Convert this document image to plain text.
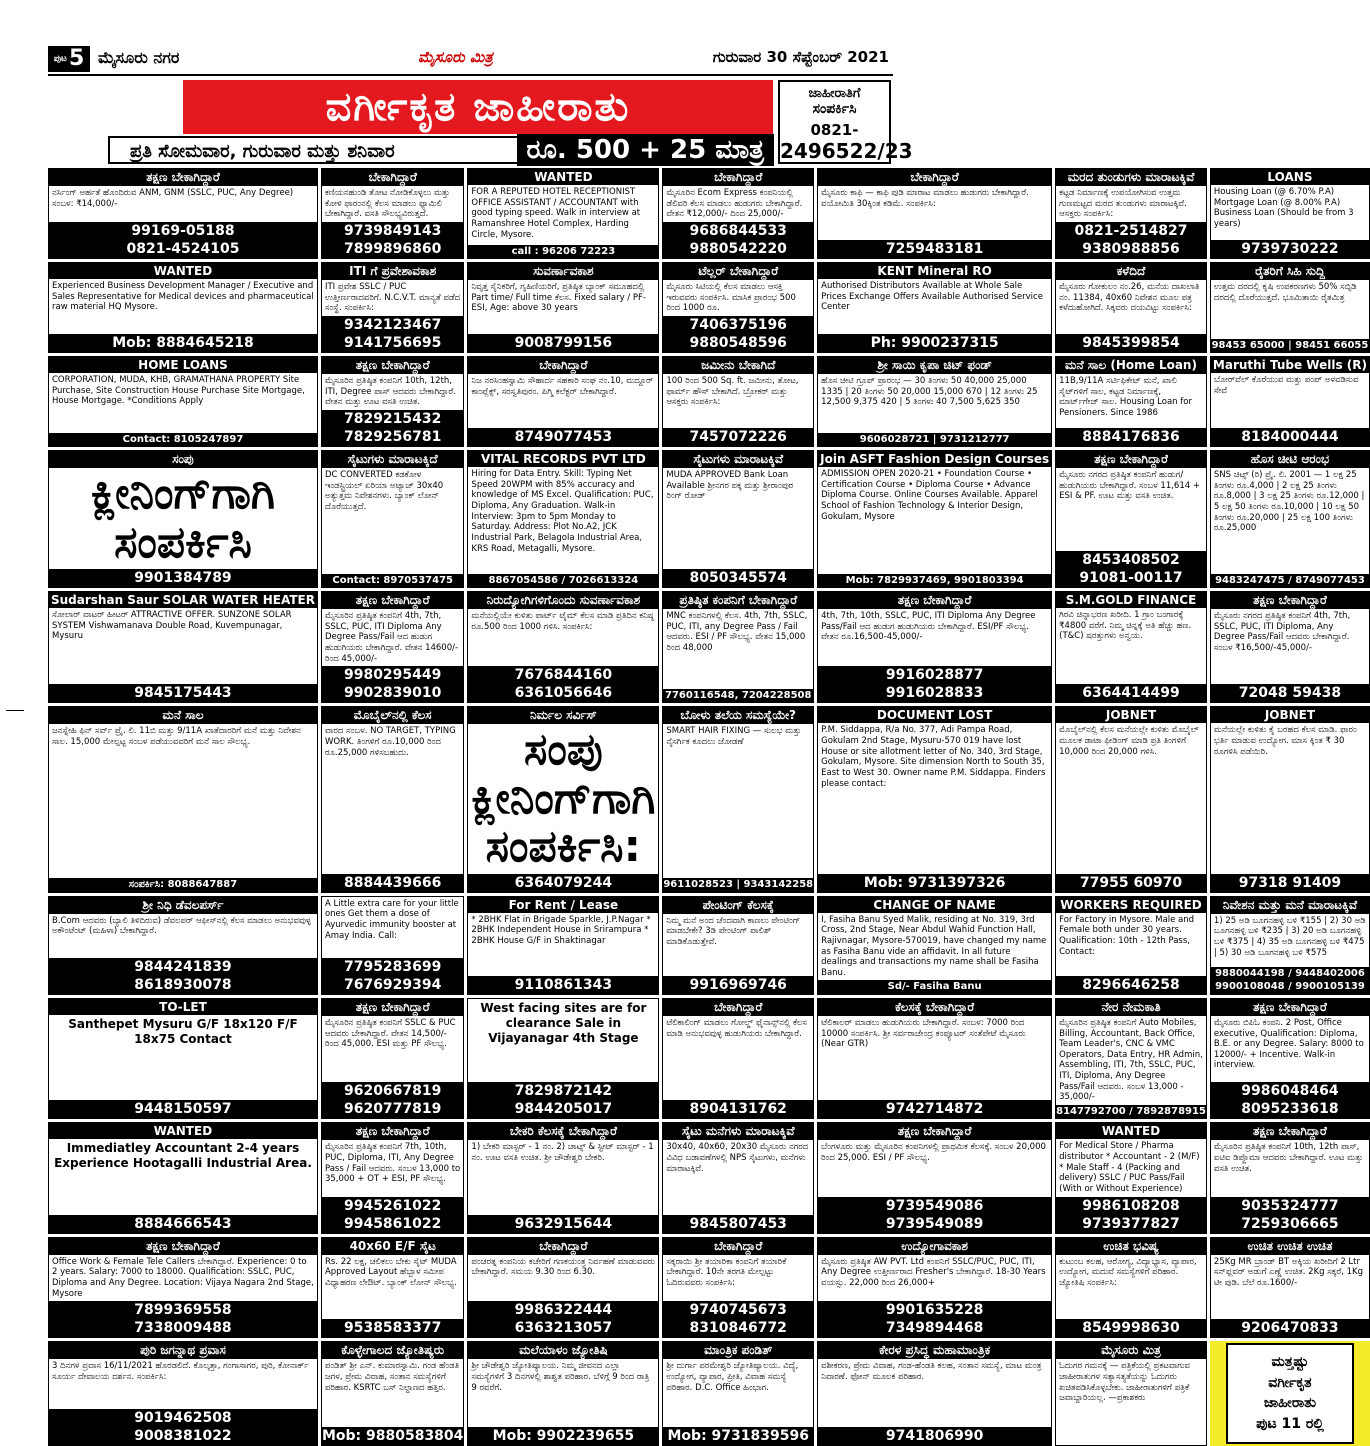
ಪುಟ5 ಮೈಸೂರು ನಗರ	ಮೈಸೂರು ಮಿತ್ರ	ಗುರುವಾರ 30 ಸೆಪ್ಟೆಂಬರ್ 2021
ವರ್ಗೀಕೃತ ಜಾಹೀರಾತು
ಪ್ರತಿ ಸೋಮವಾರ, ಗುರುವಾರ ಮತ್ತು ಶನಿವಾರ	ರೂ. 500 + 25 ಮಾತ್ರ
ಜಾಹೀರಾತಿಗೆ
ಸಂಪರ್ಕಿಸಿ
0821-
2496522/23
ತಕ್ಷಣ ಬೇಕಾಗಿದ್ದಾರೆ
ನರ್ಸಿಂಗ್ ಅರ್ಹತೆ ಹೊಂದಿರುವ ANM, GNM (SSLC, PUC, Any Degree) ಸಂಬಳ: ₹14,000/-
99169-05188
0821-4524105
ಬೇಕಾಗಿದ್ದಾರೆ
ಕಣಿಯನಹುಂಡಿ ತೋಟ ನೋಡಿಕೊಳ್ಳಲು ಮತ್ತು ಕೋಳಿ ಫಾರಂನಲ್ಲಿ ಕೆಲಸ ಮಾಡಲು ಫ್ಯಾಮಿಲಿ ಬೇಕಾಗಿದ್ದಾರೆ. ವಸತಿ ಸೌಲಭ್ಯವಿರುತ್ತದೆ.
9739849143
7899896860
WANTED
FOR A REPUTED HOTEL RECEPTIONIST OFFICE ASSISTANT / ACCOUNTANT with good typing speed. Walk in interview at Ramanshree Hotel Complex, Harding Circle, Mysore.
call : 96206 72223
ಬೇಕಾಗಿದ್ದಾರೆ
ಮೈಸೂರಿನ Ecom Express ಕಂಪನಿಯಲ್ಲಿ ಡೆಲಿವರಿ ಕೆಲಸ ಮಾಡಲು ಹುಡುಗರು ಬೇಕಾಗಿದ್ದಾರೆ. ವೇತನ ₹12,000/- ದಿಂದ 25,000/-
9686844533
9880542220
ಬೇಕಾಗಿದ್ದಾರೆ
ಮೈಸೂರು ಕಾಫಿ — ಕಾಫಿ ಪುಡಿ ಮಾರಾಟ ಮಾಡಲು ಹುಡುಗರು ಬೇಕಾಗಿದ್ದಾರೆ. ವಯೋಮಿತಿ 30ಕ್ಕಿಂತ ಕಡಿಮೆ. ಸಂಪರ್ಕಿಸಿ:
7259483181
ಮರದ ತುಂಡುಗಳು ಮಾರಾಟಕ್ಕಿವೆ
ಕಟ್ಟಡ ನಿರ್ಮಾಣಕ್ಕೆ ಉಪಯೋಗಿಸುವ ಉತ್ತಮ ಗುಣಮಟ್ಟದ ಮರದ ತುಂಡುಗಳು ಮಾರಾಟಕ್ಕಿವೆ. ಆಸಕ್ತರು ಸಂಪರ್ಕಿಸಿ:
0821-2514827
9380988856
LOANS
Housing Loan (@ 6.70% P.A) Mortgage Loan (@ 8.00% P.A) Business Loan (Should be from 3 years)
9739730222
WANTED
Experienced Business Development Manager / Executive and Sales Representative for Medical devices and pharmaceutical raw material HQ Mysore.
Mob: 8884645218
ITI ಗೆ ಪ್ರವೇಶಾವಕಾಶ
ITI ಪ್ರವೇಶ SSLC / PUC ಉತ್ತೀರ್ಣರಾದವರಿಗೆ. N.C.V.T. ಮಾನ್ಯತೆ ಪಡೆದ ಸಂಸ್ಥೆ. ಸಂಪರ್ಕಿಸಿ:
9342123467
9141756695
ಸುವರ್ಣಾವಕಾಶ
ನಿವೃತ್ತ ಸೈನಿಕರಿಗೆ, ಗೃಹಿಣಿಯರಿಗೆ, ಪ್ರತಿಷ್ಠಿತ ಬ್ಯಾಂಕ್ ಸಮೂಹದಲ್ಲಿ Part time/ Full time ಕೆಲಸ. Fixed salary / PF-ESI, Age: above 30 years
9008799156
ಟೆಲ್ಲರ್ ಬೇಕಾಗಿದ್ದಾರೆ
ಮೈಸೂರು ಸಿಟಿಯಲ್ಲಿ ಕೆಲಸ ಮಾಡಲು ಆಸಕ್ತಿ ಇರುವವರು ಸಂಪರ್ಕಿಸಿ. ಮಾಸಿಕ ಪ್ರಾರಂಭ 500 ರಿಂದ 1000 ರೂ.
7406375196
9880548596
KENT Mineral RO
Authorised Distributors Available at Whole Sale Prices Exchange Offers Available Authorised Service Center
Ph: 9900237315
ಕಳೆದಿದೆ
ಮೈಸೂರು ಗೋಕುಲಂ ನಂ.26, ಮನೆಯ ದಾಖಲಾತಿ ನಂ. 11384, 40x60 ನಿವೇಶನ ಮೂಲ ಪತ್ರ ಕಳೆದುಹೋಗಿದೆ. ಸಿಕ್ಕವರು ದಯವಿಟ್ಟು ಸಂಪರ್ಕಿಸಿ:
9845399854
ರೈತರಿಗೆ ಸಿಹಿ ಸುದ್ದಿ
ಉತ್ತಮ ದರದಲ್ಲಿ ಕೃಷಿ ಉಪಕರಣಗಳು 50% ಸಬ್ಸಿಡಿ ದರದಲ್ಲಿ ದೊರೆಯುತ್ತದೆ. ಭೂಮಿತಾಯಿ ರೈತಮಿತ್ರ
98453 65000 | 98451 66055
HOME LOANS
CORPORATION, MUDA, KHB, GRAMATHANA PROPERTY Site Purchase, Site Construction House Purchase Site Mortgage, House Mortgage. *Conditions Apply
Contact: 8105247897
ತಕ್ಷಣ ಬೇಕಾಗಿದ್ದಾರೆ
ಮೈಸೂರಿನ ಪ್ರತಿಷ್ಠಿತ ಕಂಪನಿಗೆ 10th, 12th, ITI, Degree ಪಾಸ್ ಆದವರು ಬೇಕಾಗಿದ್ದಾರೆ. ವೇತನ ಮತ್ತು ಊಟ ವಸತಿ ಉಚಿತ.
7829215432
7829256781
ಬೇಕಾಗಿದ್ದಾರೆ
ನಿಜ ನರಸಿಂಹಸ್ವಾಮಿ ಸೌಹಾರ್ದ ಸಹಕಾರಿ ಸಂಘ ನಂ.10, ಮದ್ದೂರ್ ಕಾಂಪ್ಲೆಕ್ಸ್, ಸರಸ್ವತಿಪುರಂ. ಪಿಗ್ಮಿ ಕಲೆಕ್ಟರ್ ಬೇಕಾಗಿದ್ದಾರೆ.
8749077453
ಜಮೀನು ಬೇಕಾಗಿದೆ
100 ರಿಂದ 500 Sq. ft. ಜಮೀನು, ತೋಟ, ಫಾರ್ಮ್ ಹೌಸ್ ಬೇಕಾಗಿದೆ. ಬ್ರೋಕರ್ ಮತ್ತು ಆಸಕ್ತರು ಸಂಪರ್ಕಿಸಿ:
7457072226
ಶ್ರೀ ಸಾಯಿ ಕೃಪಾ ಚಿಟ್ ಫಂಡ್
ಹೊಸ ಚೀಟಿ ಗ್ರೂಪ್ ಪ್ರಾರಂಭ — 30 ತಿಂಗಳು 50 40,000 25,000 1335 | 20 ತಿಂಗಳು 50 20,000 15,000 670 | 12 ತಿಂಗಳು 25 12,500 9,375 420 | 5 ತಿಂಗಳು 40 7,500 5,625 350
9606028721 | 9731212777
ಮನೆ ಸಾಲ (Home Loan)
11B,9/11A ಸರ್ಟಿಫಿಕೇಟ್ ಮನೆ, ಖಾಲಿ ಸೈಟ್‌ಗಳಿಗೆ ಸಾಲ, ಕಟ್ಟಡ ನಿರ್ಮಾಣಕ್ಕೆ, ಮಾರ್ಟ್‌ಗೇಜ್ ಸಾಲ. Housing Loan for Pensioners. Since 1986
8884176836
Maruthi Tube Wells (R)
ಬೋರ್‌ವೆಲ್ ಕೊರೆಯುವ ಮತ್ತು ಪಂಪ್ ಅಳವಡಿಸುವ ಸೇವೆ
8184000444
ಸಂಪು
ಕ್ಲೀನಿಂಗ್‌ಗಾಗಿ ಸಂಪರ್ಕಿಸಿ
9901384789
ಸೈಟುಗಳು ಮಾರಾಟಕ್ಕಿದೆ
DC CONVERTED ಕಡಕೋಳ ಇಂಡಸ್ಟ್ರಿಯಲ್ ಏರಿಯಾ ಅಟ್ಯಾಚ್ 30x40 ಅತ್ಯುತ್ತಮ ನಿವೇಶನಗಳು. ಬ್ಯಾಂಕ್ ಲೋನ್ ದೊರೆಯುತ್ತದೆ.
Contact: 8970537475
VITAL RECORDS PVT LTD
Hiring for Data Entry. Skill: Typing Net Speed 20WPM with 85% accuracy and knowledge of MS Excel. Qualification: PUC, Diploma, Any Graduation. Walk-in Interview: 3pm to 5pm Monday to Saturday. Address: Plot No.A2, JCK Industrial Park, Belagola Industrial Area, KRS Road, Metagalli, Mysore.
8867054586 / 7026613324
ಸೈಟುಗಳು ಮಾರಾಟಕ್ಕಿವೆ
MUDA APPROVED Bank Loan Available ಶ್ರೀನಗರ ಪಕ್ಕ ಮತ್ತು ಶ್ರೀರಾಂಪುರ ರಿಂಗ್ ರೋಡ್
8050345574
Join ASFT Fashion Design Courses
ADMISSION OPEN 2020-21 • Foundation Course • Certification Course • Diploma Course • Advance Diploma Course. Online Courses Available. Apparel School of Fashion Technology & Interior Design, Gokulam, Mysore
Mob: 7829937469, 9901803394
ತಕ್ಷಣ ಬೇಕಾಗಿದ್ದಾರೆ
ಮೈಸೂರು ನಗರದ ಪ್ರತಿಷ್ಠಿತ ಕಂಪನಿಗೆ ಹುಡುಗ/ಹುಡುಗಿಯರು ಬೇಕಾಗಿದ್ದಾರೆ. ಸಂಬಳ 11,614 + ESI & PF. ಊಟ ಮತ್ತು ವಸತಿ ಉಚಿತ.
8453408502
91081-00117
ಹೊಸ ಚೀಟಿ ಆರಂಭ
SNS ಚಿಟ್ಸ್ (ರಿ) ಪ್ರೈ. ಲಿ. 2001 — 1 ಲಕ್ಷ 25 ತಿಂಗಳು ರೂ.4,000 | 2 ಲಕ್ಷ 25 ತಿಂಗಳು ರೂ.8,000 | 3 ಲಕ್ಷ 25 ತಿಂಗಳು ರೂ.12,000 | 5 ಲಕ್ಷ 50 ತಿಂಗಳು ರೂ.10,000 | 10 ಲಕ್ಷ 50 ತಿಂಗಳು ರೂ.20,000 | 25 ಲಕ್ಷ 100 ತಿಂಗಳು ರೂ.25,000
9483247475 / 8749077453
Sudarshan Saur SOLAR WATER HEATER
ಸೋಲಾರ್ ವಾಟರ್ ಹೀಟರ್ ATTRACTIVE OFFER. SUNZONE SOLAR SYSTEM Vishwamanava Double Road, Kuvempunagar, Mysuru
9845175443
ತಕ್ಷಣ ಬೇಕಾಗಿದ್ದಾರೆ
ಮೈಸೂರಿನ ಪ್ರತಿಷ್ಠಿತ ಕಂಪನಿಗೆ 4th, 7th, SSLC, PUC, ITI Diploma Any Degree Pass/Fail ಆದ ಹುಡುಗ ಹುಡುಗಿಯರು ಬೇಕಾಗಿದ್ದಾರೆ. ವೇತನ 14600/- ರಿಂದ 45,000/-
9980295449
9902839010
ನಿರುದ್ಯೋಗಿಗಳಿಗೊಂದು ಸುವರ್ಣಾವಕಾಶ
ಮನೆಯಲ್ಲಿಯೇ ಕುಳಿತು ಪಾರ್ಟ್ ಟೈಮ್ ಕೆಲಸ ಮಾಡಿ ಪ್ರತಿದಿನ ಕನಿಷ್ಠ ರೂ.500 ರಿಂದ 1000 ಗಳಿಸಿ. ಸಂಪರ್ಕಿಸಿ:
7676844160
6361056646
ಪ್ರತಿಷ್ಠಿತ ಕಂಪನಿಗೆ ಬೇಕಾಗಿದ್ದಾರೆ
MNC ಕಂಪನಿಗಳಲ್ಲಿ ಕೆಲಸ. 4th, 7th, SSLC, PUC, ITI, any Degree Pass / Fail ಆದವರು. ESI / PF ಸೌಲಭ್ಯ. ವೇತನ 15,000 ರಿಂದ 48,000
7760116548, 7204228508
ತಕ್ಷಣ ಬೇಕಾಗಿದ್ದಾರೆ
4th, 7th, 10th, SSLC, PUC, ITI Diploma Any Degree Pass/Fail ಆದ ಹುಡುಗ ಹುಡುಗಿಯರು ಬೇಕಾಗಿದ್ದಾರೆ. ESI/PF ಸೌಲಭ್ಯ. ವೇತನ ರೂ.16,500-45,000/-
9916028877
9916028833
S.M.GOLD FINANCE
ಗಿರವಿ ಚಿನ್ನಾಭರಣ ಖರೀದಿ. 1 ಗ್ರಾಂ ಬಂಗಾರಕ್ಕೆ ₹4800 ವರೆಗೆ. ನಿಮ್ಮ ಚಿನ್ನಕ್ಕೆ ಅತಿ ಹೆಚ್ಚು ಹಣ. (T&C) ಷರತ್ತುಗಳು ಅನ್ವಯ.
6364414499
ತಕ್ಷಣ ಬೇಕಾಗಿದ್ದಾರೆ
ಮೈಸೂರು ನಗರದ ಪ್ರತಿಷ್ಠಿತ ಕಂಪನಿಗೆ 4th, 7th, SSLC, PUC, ITI Diploma, Any Degree Pass/Fail ಆದವರು ಬೇಕಾಗಿದ್ದಾರೆ. ಸಂಬಳ ₹16,500/-45,000/-
72048 59438
ಮನೆ ಸಾಲ
ಜನಸ್ನೇಹಿ ಫಿನ್ ಸರ್ವ್ ಪ್ರೈ. ಲಿ. 11ಬಿ ಮತ್ತು 9/11A ಖಾತೆದಾರರಿಗೆ ಮನೆ ಮತ್ತು ನಿವೇಶನ ಸಾಲ. 15,000 ಮೇಲ್ಪಟ್ಟ ಸಂಬಳ ಪಡೆಯುವವರಿಗೆ ಮನೆ ಸಾಲ ಸೌಲಭ್ಯ.
ಸಂಪರ್ಕಿಸಿ: 8088647887
ಮೊಬೈಲ್‌ನಲ್ಲಿ ಕೆಲಸ
ವಾರದ ಸಂಬಳ. NO TARGET, TYPING WORK. ತಿಂಗಳಿಗೆ ರೂ.10,000 ರಿಂದ ರೂ.25,000 ಗಳಿಸಬಹುದು.
8884439666
ನಿರ್ಮಲ ಸರ್ವಿಸ್
ಸಂಪು ಕ್ಲೀನಿಂಗ್‌ಗಾಗಿ ಸಂಪರ್ಕಿಸಿ:
6364079244
ಬೋಳು ತಲೆಯ ಸಮಸ್ಯೆಯೇ?
SMART HAIR FIXING — ಸುಲಭ ಮತ್ತು ನೈಸರ್ಗಿಕ ಕೂದಲು ಜೋಡಣೆ
9611028523 | 9343142258
DOCUMENT LOST
P.M. Siddappa, R/a No. 377, Adi Pampa Road, Gokulam 2nd Stage, Mysuru-570 019 have lost House or site allotment letter of No. 340, 3rd Stage, Gokulam, Mysore. Site dimension North to South 35, East to West 30. Owner name P.M. Siddappa. Finders please contact:
Mob: 9731397326
JOBNET
ಮೊಬೈಲ್‌ನಲ್ಲಿ ಕೆಲಸ ಮನೆಯಲ್ಲೇ ಕುಳಿತು ಮೊಬೈಲ್ ಮೂಲಕ ಡಾಟಾ ಫೀಡಿಂಗ್ ಮಾಡಿ ಪ್ರತಿ ತಿಂಗಳಿಗೆ 10,000 ರಿಂದ 20,000 ಗಳಿಸಿ.
77955 60970
JOBNET
ಮನೆಯಲ್ಲೇ ಕುಳಿತು ಕೈ ಬರಹದ ಕೆಲಸ ಮಾಡಿ. ಫಾರಂ ಭರ್ತಿ ಮಾಡುವ ಉದ್ಯೋಗ. ಮಾಸ ಕ್ಕಿಂತ ₹ 30 ರೂಗಳಿಸಿ ಪಡೆಯಿರಿ.
97318 91409
ಶ್ರೀ ನಿಧಿ ಡೆವಲಪರ್ಸ್
B.Com ಆದವರು (ಬ್ಯಾಲಿ ತಿಳಿದಿರುವ) ಡೆವಲಪರ್ ಆಫೀಸ್‌ನಲ್ಲಿ ಕೆಲಸ ಮಾಡಲು ಅನುಭವವುಳ್ಳ ಅಕೌಂಟೆಂಟ್ (ಮಹಿಳಾ) ಬೇಕಾಗಿದ್ದಾರೆ.
9844241839
8618930078
A Little extra care for your little ones Get them a dose of Ayurvedic immunity booster at Amay India. Call:
7795283699
7676929394
For Rent / Lease
* 2BHK Flat in Brigade Sparkle, J.P.Nagar * 2BHK Independent House in Srirampura * 2BHK House G/F in Shaktinagar
9110861343
ಪೇಂಟಿಂಗ್ ಕೆಲಸಕ್ಕೆ
ನಿಮ್ಮ ಮನೆ ಅಂದ ಚೆಂದವಾಗಿ ಕಾಣಲು ಪೇಂಟಿಂಗ್ ಮಾಡಬೇಕೇ? 3ಡಿ ಪೇಂಟಿಂಗ್ ಪಾಲಿಶ್ ಮಾಡಿಕೊಡುತ್ತೇವೆ.
9916969746
CHANGE OF NAME
I, Fasiha Banu Syed Malik, residing at No. 319, 3rd Cross, 2nd Stage, Near Abdul Wahid Function Hall, Rajivnagar, Mysore-570019, have changed my name as Fasiha Banu vide an affidavit. In all future dealings and transactions my name shall be Fasiha Banu.
Sd/- Fasiha Banu
WORKERS REQUIRED
For Factory in Mysore. Male and Female both under 30 years. Qualification: 10th - 12th Pass, Contact:
8296646258
ನಿವೇಶನ ಮತ್ತು ಮನೆ ಮಾರಾಟಕ್ಕಿವೆ
1) 25 ಅಡಿ ಬೂಗನಹಳ್ಳಿ ಬಳಿ ₹155 | 2) 30 ಅಡಿ ಬೂಗನಹಳ್ಳಿ ಬಳಿ ₹235 | 3) 20 ಅಡಿ ಬೂಗನಹಳ್ಳಿ ಬಳಿ ₹375 | 4) 35 ಅಡಿ ಬೂಗನಹಳ್ಳಿ ಬಳಿ ₹475 | 5) 30 ಅಡಿ ಬೂಗನಹಳ್ಳಿ ಬಳಿ ₹575
9880044198 / 9448402006
9900108048 / 9900105139
TO-LET
Santhepet Mysuru G/F 18x120 F/F 18x75 Contact
9448150597
ತಕ್ಷಣ ಬೇಕಾಗಿದ್ದಾರೆ
ಮೈಸೂರಿನ ಪ್ರತಿಷ್ಠಿತ ಕಂಪನಿಗೆ SSLC & PUC ಆದವರು ಬೇಕಾಗಿದ್ದಾರೆ. ವೇತನ 14,500/- ರಿಂದ 45,000. ESI ಮತ್ತು PF ಸೌಲಭ್ಯ.
9620667819
9620777819
West facing sites are for clearance Sale in Vijayanagar 4th Stage
7829872142
9844205017
ಬೇಕಾಗಿದ್ದಾರೆ
ಟೆಲಿಕಾಲಿಂಗ್ ಮಾಡಲು ಗೋಲ್ಡ್ ಫೈನಾನ್ಸ್‌ನಲ್ಲಿ ಕೆಲಸ ಮಾಡಿ ಅನುಭವವುಳ್ಳ ಹುಡುಗಿಯರು ಬೇಕಾಗಿದ್ದಾರೆ.
8904131762
ಕೆಲಸಕ್ಕೆ ಬೇಕಾಗಿದ್ದಾರೆ
ಟೆಲಿಕಾಲರ್ ಮಾಡಲು ಹುಡುಗಿಯರು ಬೇಕಾಗಿದ್ದಾರೆ. ಸಂಬಳ: 7000 ರಿಂದ 10000 ಸಂಪರ್ಕಿಸಿ. ಶ್ರೀ ಸರ್ವರಾಜೇಂದ್ರ ಕಂಪ್ಯೂಟರ್ ಸಂತೆಪೇಟೆ ಮೈಸೂರು (Near GTR)
9742714872
ನೇರ ನೇಮಕಾತಿ
ಮೈಸೂರಿನ ಪ್ರತಿಷ್ಠಿತ ಕಂಪನಿಗೆ Auto Mobiles, Billing, Accountant, Back Office, Team Leader's, CNC & VMC Operators, Data Entry, HR Admin, Assembling, ITI, 7th, SSLC, PUC, ITI, Diploma, Any Degree Pass/Fail ಆದವರು. ಸಂಬಳ 13,000 - 35,000/-
8147792700 / 7892878915
ತಕ್ಷಣ ಬೇಕಾಗಿದ್ದಾರೆ
ಮೈಸೂರು ಬಿಪಿಓ ಕಂಪನಿ. 2 Post, Office executive, Qualification: Diploma, B.E. or any Degree. Salary: 8000 to 12000/- + Incentive. Walk-in interview.
9986048464
8095233618
WANTED
Immediatley Accountant 2-4 years Experience Hootagalli Industrial Area.
8884666543
ತಕ್ಷಣ ಬೇಕಾಗಿದ್ದಾರೆ
ಮೈಸೂರಿನ ಪ್ರತಿಷ್ಠಿತ ಕಂಪನಿಗೆ 7th, 10th, PUC, Diploma, ITI, Any Degree Pass / Fail ಆದವರು. ಸಂಬಳ 13,000 to 35,000 + OT + ESI, PF ಸೌಲಭ್ಯ.
9945261022
9945861022
ಬೇಕರಿ ಕೆಲಸಕ್ಕೆ ಬೇಕಾಗಿದ್ದಾರೆ
1) ಬೇಕರಿ ಮಾಸ್ಟರ್ - 1 ನಂ. 2) ಚಾಟ್ಸ್ & ಸ್ಟೀಟ್ ಮಾಸ್ಟರ್ - 1 ನಂ. ಊಟ ವಸತಿ ಉಚಿತ. ಶ್ರೀ ಚೌಡೇಶ್ವರಿ ಬೇಕರಿ.
9632915644
ಸೈಟು ಮನೆಗಳು ಮಾರಾಟಕ್ಕಿವೆ
30x40, 40x60, 20x30 ಮೈಸೂರು ನಗರದ ವಿವಿಧ ಬಡಾವಣೆಗಳಲ್ಲಿ NPS ಸೈಟುಗಳು, ಮನೆಗಳು ಮಾರಾಟಕ್ಕಿವೆ.
9845807453
ತಕ್ಷಣ ಬೇಕಾಗಿದ್ದಾರೆ
ಬೆಂಗಳೂರು ಮತ್ತು ಮೈಸೂರಿನ ಕಂಪನಿಗಳಲ್ಲಿ ಪ್ರಾಥಮಿಕ ಕೆಲಸಕ್ಕೆ. ಸಂಬಳ 20,000 ರಿಂದ 25,000. ESI / PF ಸೌಲಭ್ಯ.
9739549086
9739549089
WANTED
For Medical Store / Pharma distributor * Accountant - 2 (M/F) * Male Staff - 4 (Packing and delivery) SSLC / PUC Pass/Fail (With or Without Experience)
9986108208
9739377827
ತಕ್ಷಣ ಬೇಕಾಗಿದ್ದಾರೆ
ಮೈಸೂರಿನ ಪ್ರತಿಷ್ಠಿತ ಕಂಪನಿಗೆ 10th, 12th ಪಾಸ್, ಐಟಿಐ ಡಿಪ್ಲೊಮಾ ಆದವರು ಬೇಕಾಗಿದ್ದಾರೆ. ಊಟ ಮತ್ತು ವಸತಿ ಉಚಿತ.
9035324777
7259306665
ತಕ್ಷಣ ಬೇಕಾಗಿದ್ದಾರೆ
Office Work & Female Tele Callers ಬೇಕಾಗಿದ್ದಾರೆ. Experience: 0 to 2 years. Salary: 7000 to 18000. Qualification: SSLC, PUC, Diploma and Any Degree. Location: Vijaya Nagara 2nd Stage, Mysore
7899369558
7338009488
40x60 E/F ಸೈಟ
Rs. 22 ಲಕ್ಷ, ಚಲಿಕಲು ಬೇಕು ಸೈಟ್ MUDA Approved Layout ಹೆಬ್ಬಾಳ ಸಮೀಪ ವಿಧ್ಯಾಹರಣ ಲೇಔಟ್. ಬ್ಯಾಂಕ್ ಲೋನ್ ಸೌಲಭ್ಯ.
9538583377
ಬೇಕಾಗಿದ್ದಾರೆ
ಪಂಚರತ್ನ ಕಂಪನಿಯ ಕಚೇರಿಗೆ ಗಣಕಯಂತ್ರ ನಿರ್ವಹಣೆ ಮಾಡುವವರು ಬೇಕಾಗಿದ್ದಾರೆ. ಸಮಯ 9.30 ರಿಂದ 6.30.
9986322444
6363213057
ಬೇಕಾಗಿದ್ದಾರೆ
ಸಕ್ಕರಾಯಿ ಶ್ರೀ ತಯಾರಿಕಾ ಕಂಪನಿಗೆ ತಯಾರಿಕೆ ಬೇಕಾಗಿದ್ದಾರೆ. 10ನೇ ತರಗತಿ ಮೇಲ್ಪಟ್ಟು ಓದಿರುವವರು ಸಂಪರ್ಕಿಸಿ:
9740745673
8310846772
ಉದ್ಯೋಗಾವಕಾಶ
ಮೈಸೂರು ಪ್ರತಿಷ್ಠಿತ AW PVT. Ltd ಕಂಪನಿಗೆ SSLC/PUC, PUC, ITI, Any Degree ಉತ್ತೀರ್ಣರಾದ Fresher's ಬೇಕಾಗಿದ್ದಾರೆ. 18-30 Years ವಯಸ್ಸು. 22,000 ರಿಂದ 26,000+
9901635228
7349894468
ಉಚಿತ ಭವಿಷ್ಯ
ಕುಟುಂಬ ಕಲಹ, ಆರೋಗ್ಯ, ವಿದ್ಯಾಭ್ಯಾಸ, ವ್ಯಾಪಾರ, ಉದ್ಯೋಗ, ಮದುವೆ ಸಮಸ್ಯೆಗಳಿಗೆ ಪರಿಹಾರ. ಜ್ಯೋತಿಷಿ ಸಂಪರ್ಕಿಸಿ:
8549998630
ಉಚಿತ ಉಚಿತ ಉಚಿತ
25Kg MR ಬ್ರಾಂಡ್ BT ಅಕ್ಕಿಯ ಖರೀದಿಗೆ 2 Ltr ಸನ್‌ಫ್ಲವರ್ ಅಡುಗೆ ಎಣ್ಣೆ ಉಚಿತ. 2Kg ಸಕ್ಕರೆ, 1Kg ಟೀ ಪುಡಿ. ಬೆಲೆ ರೂ.1600/-
9206470833
ಪುರಿ ಜಗನ್ನಾಥ ಪ್ರವಾಸ
3 ದಿನಗಳ ಪ್ರವಾಸ 16/11/2021 ಹೊರಡಲಿದೆ. ಕೊಲ್ಕತ್ತಾ, ಗಂಗಾಸಾಗರ, ಪುರಿ, ಕೋನಾರ್ಕ್ ಸೂರ್ಯ ದೇವಾಲಯ ದರ್ಶನ. ಸಂಪರ್ಕಿಸಿ:
9019462508
9008381022
ಕೊಳ್ಳೇಗಾಲದ ಜ್ಯೋತಿಷ್ಯರು
ಪಂಡಿತ್ ಶ್ರೀ ಎನ್. ಕುಮಾರಸ್ವಾಮಿ. ಗಂಡ ಹೆಂಡತಿ ಜಗಳ, ಪ್ರೇಮ ವಿವಾಹ, ಸಂತಾನ ಸಮಸ್ಯೆಗಳಿಗೆ ಪರಿಹಾರ. KSRTC ಬಸ್ ನಿಲ್ದಾಣದ ಹತ್ತಿರ.
Mob: 9880583804
ಮಲೆಯಾಳಂ ಜ್ಯೋತಿಷಿ
ಶ್ರೀ ಚೌಡೇಶ್ವರಿ ಜ್ಯೋತಿಷ್ಯಾಲಯ. ನಿಮ್ಮ ಜೀವನದ ಎಲ್ಲಾ ಸಮಸ್ಯೆಗಳಿಗೆ 3 ದಿನಗಳಲ್ಲಿ ಶಾಶ್ವತ ಪರಿಹಾರ. ಬೆಳಿಗ್ಗೆ 9 ರಿಂದ ರಾತ್ರಿ 9 ರವರೆಗೆ.
Mob: 9902239655
ಮಾಂತ್ರಿಕ ಪಂಡಿತ್
ಶ್ರೀ ದುರ್ಗಾ ಪರಮೇಶ್ವರಿ ಜ್ಯೋತಿಷ್ಯಾಲಯ. ವಿದ್ಯೆ, ಉದ್ಯೋಗ, ವ್ಯಾಪಾರ, ಪ್ರೀತಿ, ವಿವಾಹ ಸಮಸ್ಯೆ ಪರಿಹಾರ. D.C. Office ಹಿಂಭಾಗ.
Mob: 9731839596
ಕೇರಳ ಪ್ರಸಿದ್ಧ ಮಹಾಮಾಂತ್ರಿಕ
ವಶೀಕರಣ, ಪ್ರೇಮ ವಿವಾಹ, ಗಂಡ-ಹೆಂಡತಿ ಕಲಹ, ಸಂತಾನ ಸಮಸ್ಯೆ, ಮಾಟ ಮಂತ್ರ ನಿವಾರಣೆ. ಫೋನ್ ಮೂಲಕ ಪರಿಹಾರ.
9741806990
ಮೈಸೂರು ಮಿತ್ರ
ಓದುಗರ ಗಮನಕ್ಕೆ — ಪತ್ರಿಕೆಯಲ್ಲಿ ಪ್ರಕಟವಾಗುವ ಜಾಹೀರಾತುಗಳ ಸತ್ಯಾಸತ್ಯತೆಯನ್ನು ಓದುಗರು ಖಚಿತಪಡಿಸಿಕೊಳ್ಳಬೇಕು. ಜಾಹೀರಾತುಗಳಿಗೆ ಪತ್ರಿಕೆ ಜವಾಬ್ದಾರಿಯಲ್ಲ. —ಪ್ರಕಾಶಕರು
ಮತ್ತಷ್ಟು
ವರ್ಗೀಕೃತ
ಜಾಹೀರಾತು
ಪುಟ 11 ರಲ್ಲಿ
